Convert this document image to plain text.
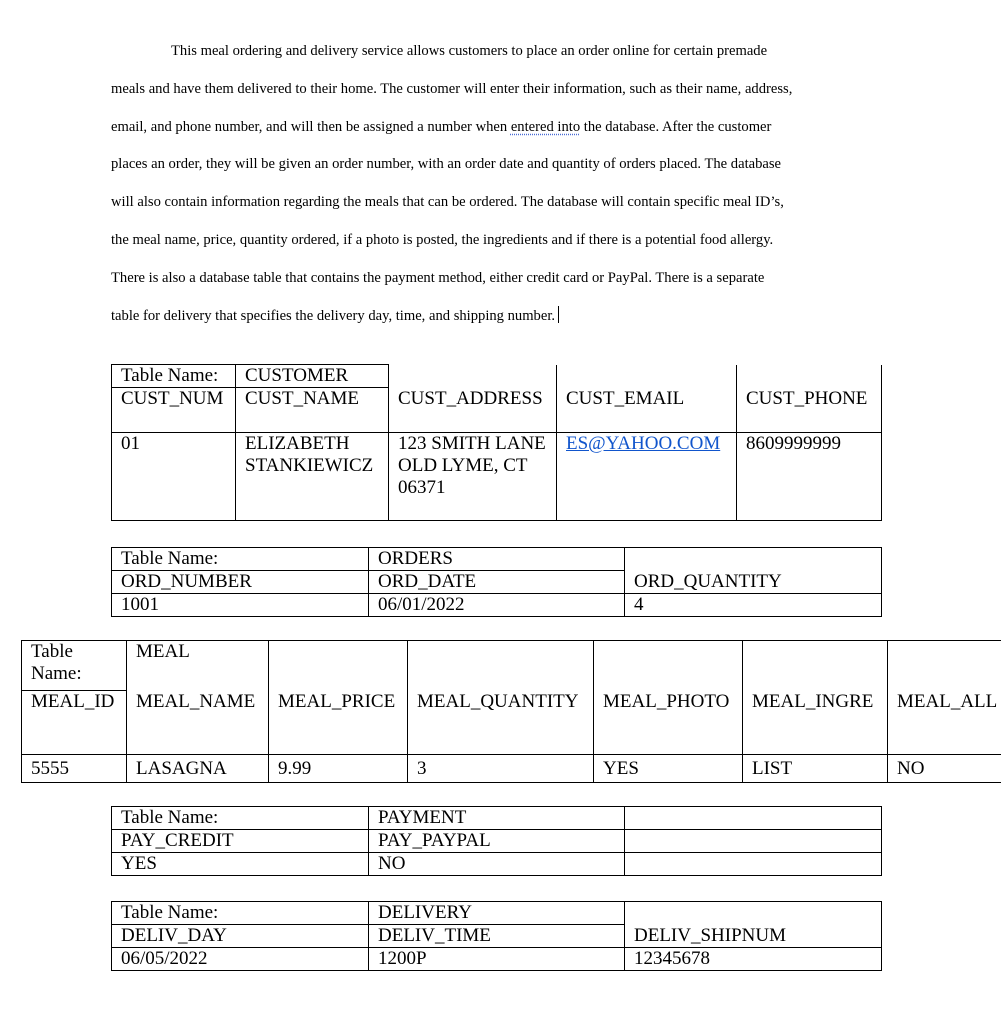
This meal ordering and delivery service allows customers to place an order online for certain premade
meals and have them delivered to their home. The customer will enter their information, such as their name, address,
email, and phone number, and will then be assigned a number when entered into the database. After the customer
places an order, they will be given an order number, with an order date and quantity of orders placed. The database
will also contain information regarding the meals that can be ordered. The database will contain specific meal ID’s,
the meal name, price, quantity ordered, if a photo is posted, the ingredients and if there is a potential food allergy.
There is also a database table that contains the payment method, either credit card or PayPal. There is a separate
table for delivery that specifies the delivery day, time, and shipping number.

Table Name:	CUSTOMER			
CUST_NUM	CUST_NAME	CUST_ADDRESS	CUST_EMAIL	CUST_PHONE
01	ELIZABETH STANKIEWICZ	123 SMITH LANE OLD LYME, CT 06371	ES@YAHOO.COM	8609999999
Table Name:	ORDERS	
ORD_NUMBER	ORD_DATE	ORD_QUANTITY
1001	06/01/2022	4
Table Name:	MEAL					
MEAL_ID	MEAL_NAME	MEAL_PRICE	MEAL_QUANTITY	MEAL_PHOTO	MEAL_INGRE	MEAL_ALL
5555	LASAGNA	9.99	3	YES	LIST	NO
Table Name:	PAYMENT	
PAY_CREDIT	PAY_PAYPAL	
YES	NO	
Table Name:	DELIVERY	
DELIV_DAY	DELIV_TIME	DELIV_SHIPNUM
06/05/2022	1200P	12345678
